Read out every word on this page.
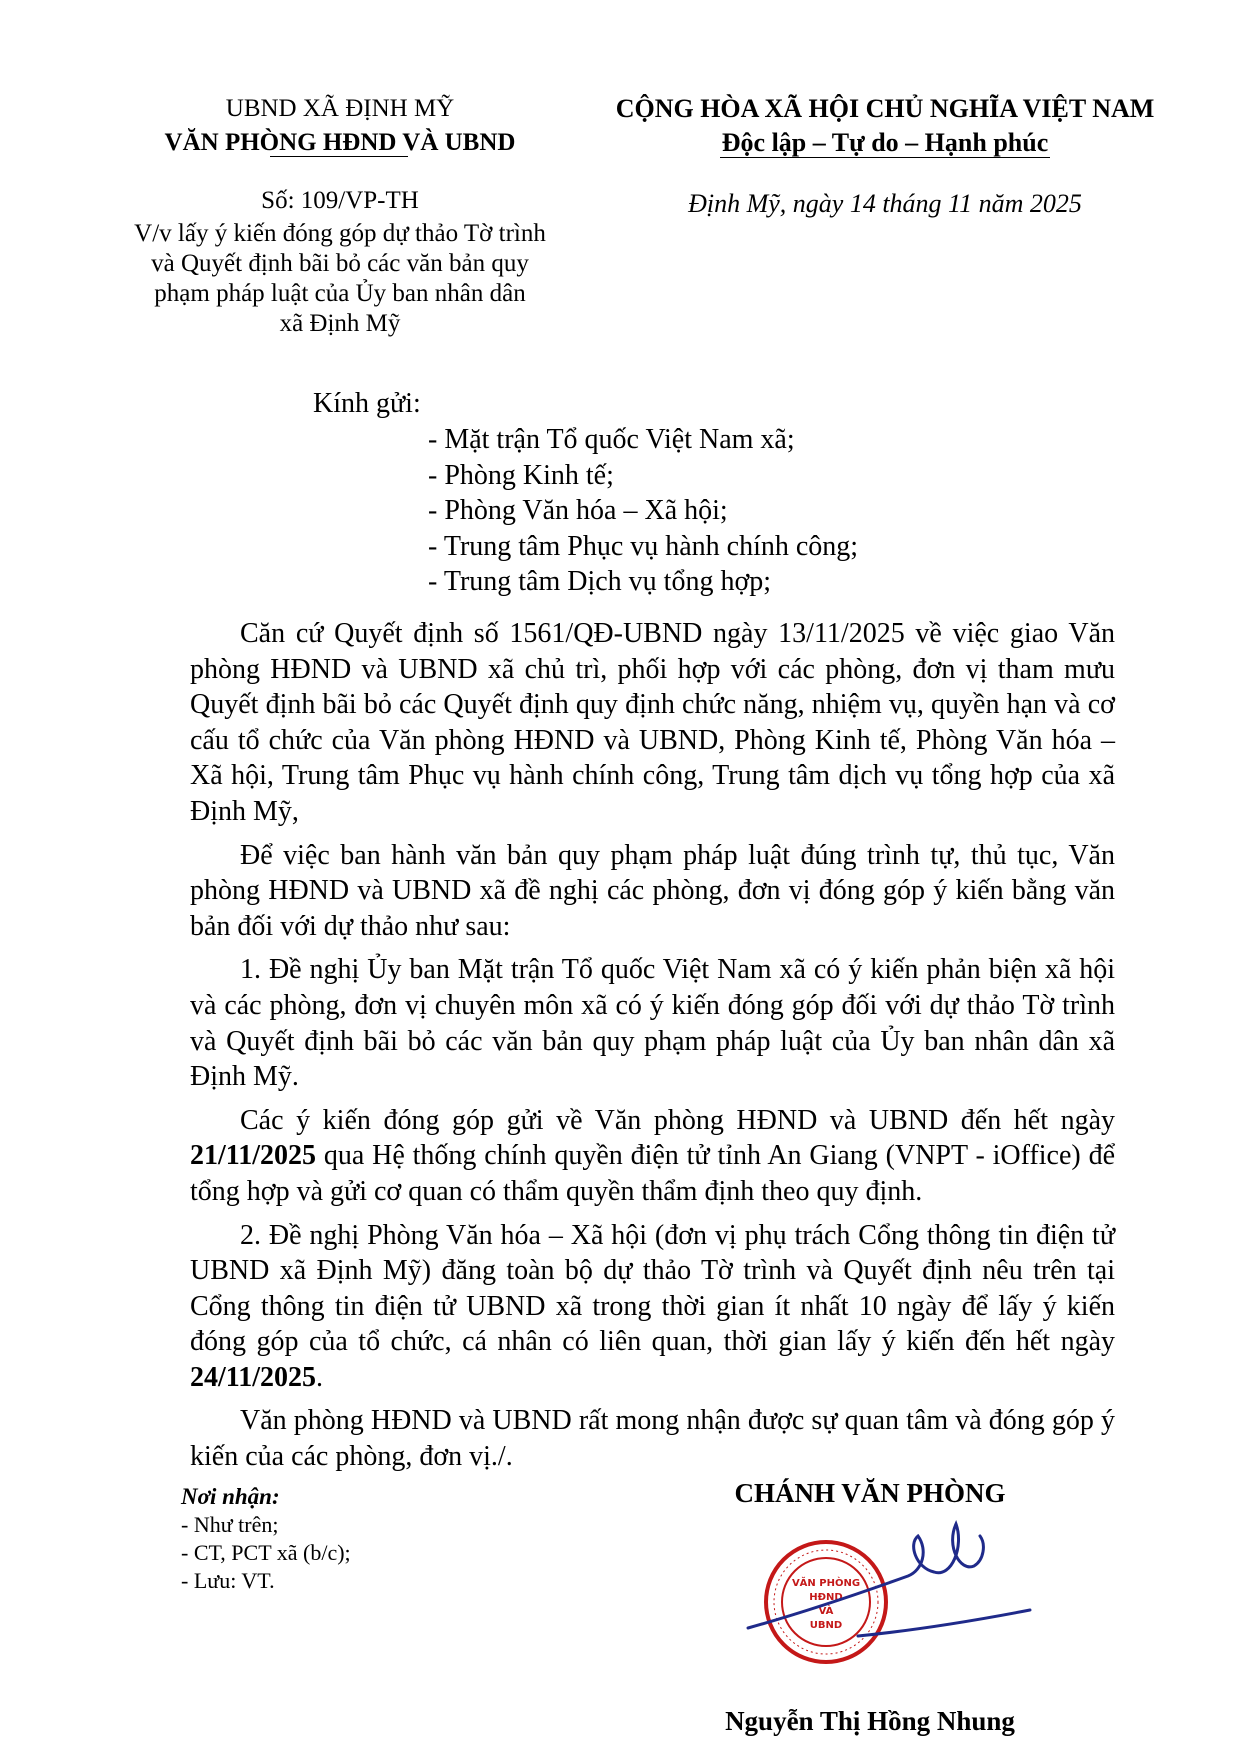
UBND XÃ ĐỊNH MỸ
VĂN PHÒNG HĐND VÀ UBND
CỘNG HÒA XÃ HỘI CHỦ NGHĨA VIỆT NAM
Độc lập – Tự do – Hạnh phúc
Số: 109/VP-TH
V/v lấy ý kiến đóng góp dự thảo Tờ trình
và Quyết định bãi bỏ các văn bản quy
phạm pháp luật của Ủy ban nhân dân
xã Định Mỹ
Định Mỹ, ngày 14 tháng 11 năm 2025
Kính gửi:
- Mặt trận Tổ quốc Việt Nam xã;
- Phòng Kinh tế;
- Phòng Văn hóa – Xã hội;
- Trung tâm Phục vụ hành chính công;
- Trung tâm Dịch vụ tổng hợp;

Căn cứ Quyết định số 1561/QĐ-UBND ngày 13/11/2025 về việc giao Văn phòng HĐND và UBND xã chủ trì, phối hợp với các phòng, đơn vị tham mưu Quyết định bãi bỏ các Quyết định quy định chức năng, nhiệm vụ, quyền hạn và cơ cấu tổ chức của Văn phòng HĐND và UBND, Phòng Kinh tế, Phòng Văn hóa – Xã hội, Trung tâm Phục vụ hành chính công, Trung tâm dịch vụ tổng hợp của xã Định Mỹ,

Để việc ban hành văn bản quy phạm pháp luật đúng trình tự, thủ tục, Văn phòng HĐND và UBND xã đề nghị các phòng, đơn vị đóng góp ý kiến bằng văn bản đối với dự thảo như sau:

1. Đề nghị Ủy ban Mặt trận Tổ quốc Việt Nam xã có ý kiến phản biện xã hội và các phòng, đơn vị chuyên môn xã có ý kiến đóng góp đối với dự thảo Tờ trình và Quyết định bãi bỏ các văn bản quy phạm pháp luật của Ủy ban nhân dân xã Định Mỹ.

Các ý kiến đóng góp gửi về Văn phòng HĐND và UBND đến hết ngày 21/11/2025 qua Hệ thống chính quyền điện tử tỉnh An Giang (VNPT - iOffice) để tổng hợp và gửi cơ quan có thẩm quyền thẩm định theo quy định.

2. Đề nghị Phòng Văn hóa – Xã hội (đơn vị phụ trách Cổng thông tin điện tử UBND xã Định Mỹ) đăng toàn bộ dự thảo Tờ trình và Quyết định nêu trên tại Cổng thông tin điện tử UBND xã trong thời gian ít nhất 10 ngày để lấy ý kiến đóng góp của tổ chức, cá nhân có liên quan, thời gian lấy ý kiến đến hết ngày 24/11/2025.

Văn phòng HĐND và UBND rất mong nhận được sự quan tâm và đóng góp ý kiến của các phòng, đơn vị./.

Nơi nhận:
- Như trên;
- CT, PCT xã (b/c);
- Lưu: VT.
CHÁNH VĂN PHÒNG
VĂN PHÒNG
HĐND
VÀ
UBND
Nguyễn Thị Hồng Nhung
